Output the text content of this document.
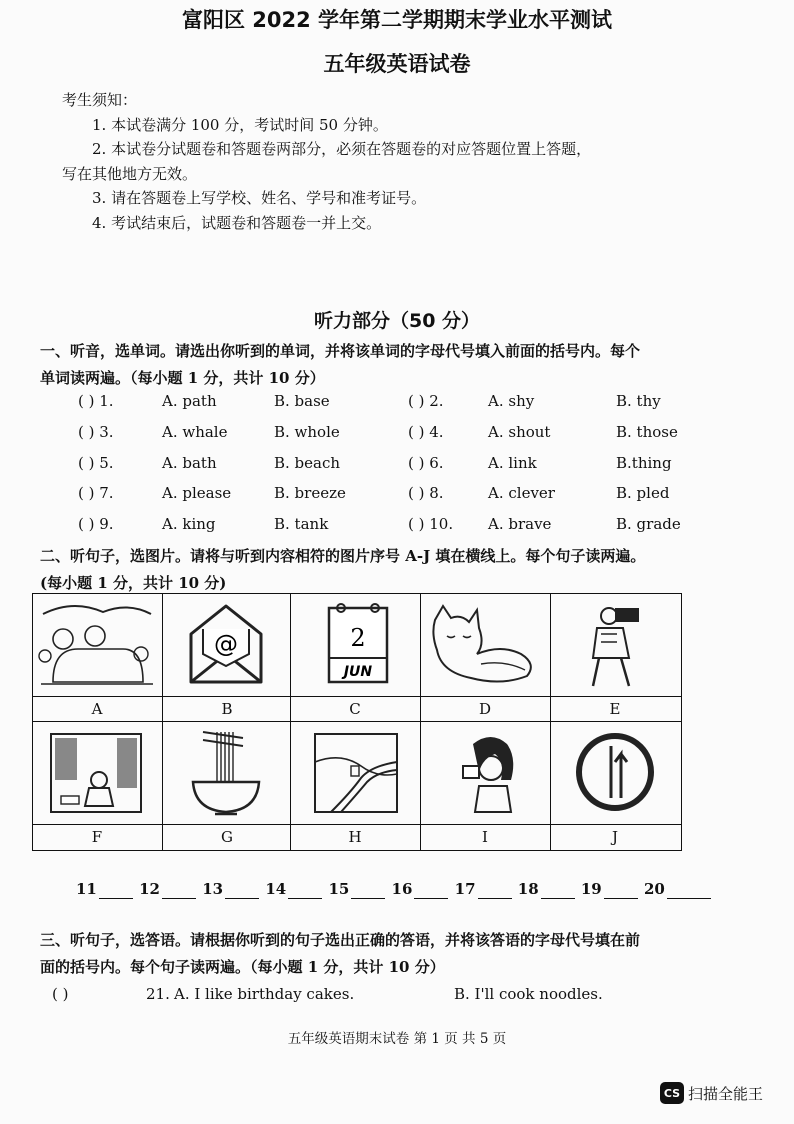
富阳区 2022 学年第二学期期末学业水平测试
五年级英语试卷
考生须知：
1. 本试卷满分 100 分，考试时间 50 分钟。
2. 本试卷分试题卷和答题卷两部分，必须在答题卷的对应答题位置上答题，
写在其他地方无效。
3. 请在答题卷上写学校、姓名、学号和准考证号。
4. 考试结束后，试题卷和答题卷一并上交。
听力部分（50 分）
一、听音，选单词。请选出你听到的单词，并将该单词的字母代号填入前面的括号内。每个
单词读两遍。（每小题 1 分，共计 10 分）
( ) 1.	A. path	B. base	( ) 2.	A. shy	B. thy
( ) 3.	A. whale	B. whole	( ) 4.	A. shout	B. those
( ) 5.	A. bath	B. beach	( ) 6.	A. link	B.thing
( ) 7.	A. please	B. breeze	( ) 8.	A. clever	B. pled
( ) 9.	A. king	B. tank	( ) 10. A. brave	B. grade
二、听句子，选图片。请将与听到内容相符的图片序号 A-J 填在横线上。每个句子读两遍。
(每小题 1 分，共计 10 分)
@	2
JUN
A	B	C	D	E
F	G	H	I	J
11	12	13	14	15	16	17	18	19	20
三、听句子，选答语。请根据你听到的句子选出正确的答语，并将该答语的字母代号填在前
面的括号内。每个句子读两遍。（每小题 1 分，共计 10 分）
( )	21. A. I like birthday cakes.	B. I'll cook noodles.
五年级英语期末试卷 第 1 页 共 5 页
CS 扫描全能王
